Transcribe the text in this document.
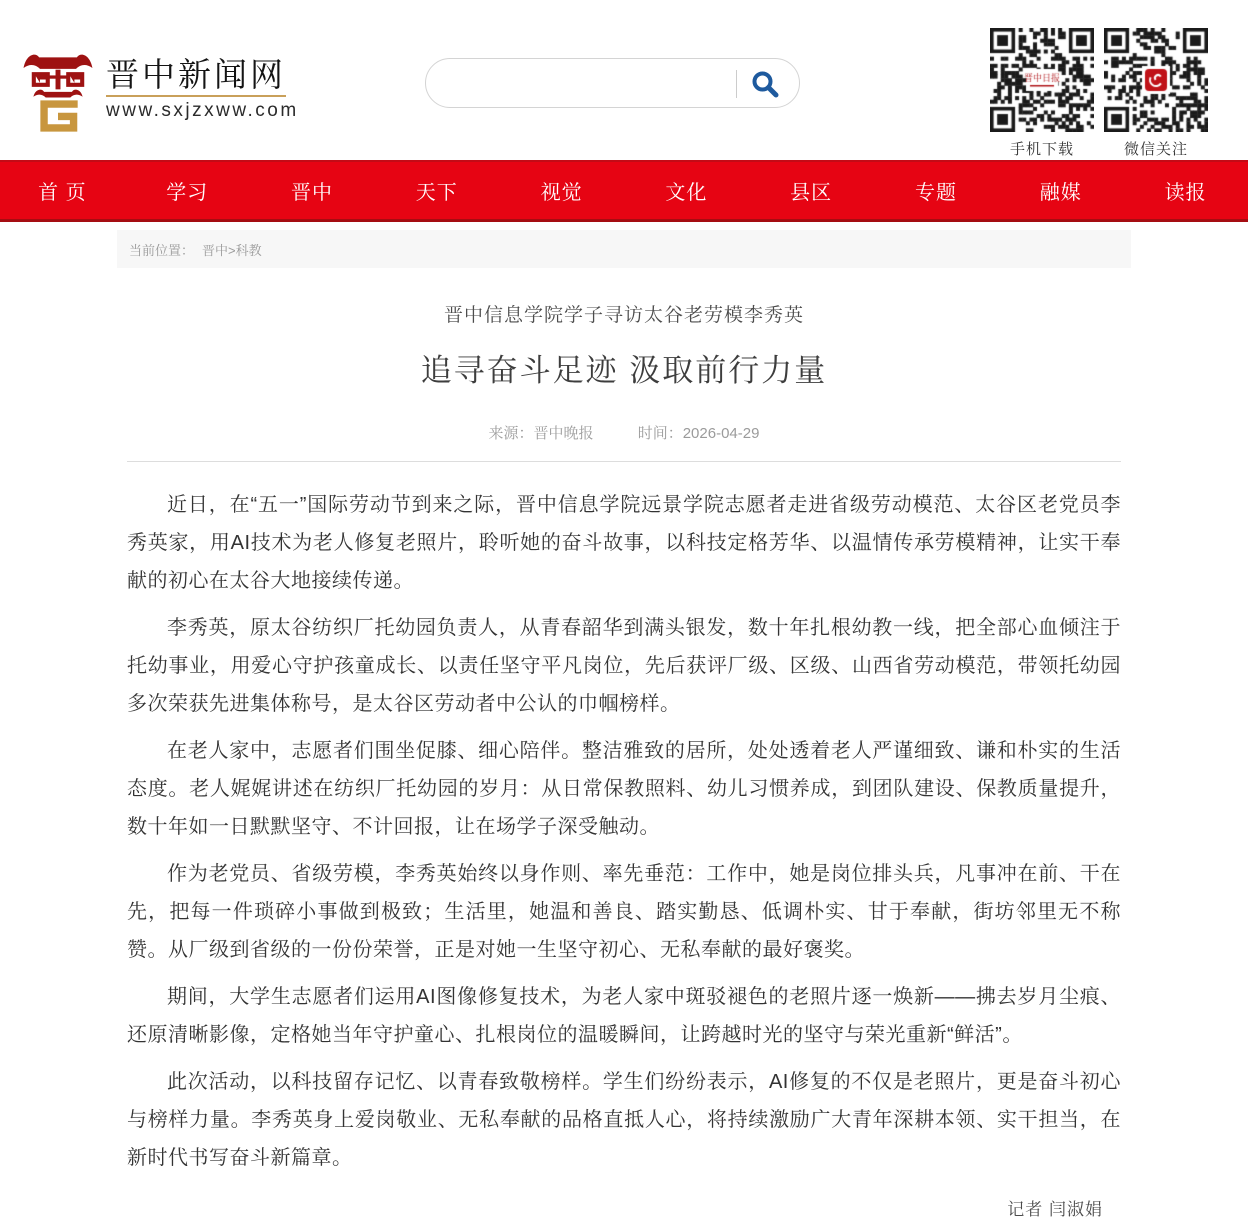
晋中新闻网
www.sxjzxww.com
手机下载	微信关注
首 页	学习	晋中	天下	视觉	文化	县区	专题	融媒	读报
当前位置： 晋中>科教
晋中信息学院学子寻访太谷老劳模李秀英
追寻奋斗足迹 汲取前行力量
来源：晋中晚报	时间：2026-04-29

近日，在“五一”国际劳动节到来之际，晋中信息学院远景学院志愿者走进省级劳动模范、太谷区老党员李秀英家，用AI技术为老人修复老照片，聆听她的奋斗故事，以科技定格芳华、以温情传承劳模精神，让实干奉献的初心在太谷大地接续传递。

李秀英，原太谷纺织厂托幼园负责人，从青春韶华到满头银发，数十年扎根幼教一线，把全部心血倾注于托幼事业，用爱心守护孩童成长、以责任坚守平凡岗位，先后获评厂级、区级、山西省劳动模范，带领托幼园多次荣获先进集体称号，是太谷区劳动者中公认的巾帼榜样。

在老人家中，志愿者们围坐促膝、细心陪伴。整洁雅致的居所，处处透着老人严谨细致、谦和朴实的生活态度。老人娓娓讲述在纺织厂托幼园的岁月：从日常保教照料、幼儿习惯养成，到团队建设、保教质量提升，数十年如一日默默坚守、不计回报，让在场学子深受触动。

作为老党员、省级劳模，李秀英始终以身作则、率先垂范：工作中，她是岗位排头兵，凡事冲在前、干在先，把每一件琐碎小事做到极致；生活里，她温和善良、踏实勤恳、低调朴实、甘于奉献，街坊邻里无不称赞。从厂级到省级的一份份荣誉，正是对她一生坚守初心、无私奉献的最好褒奖。

期间，大学生志愿者们运用AI图像修复技术，为老人家中斑驳褪色的老照片逐一焕新——拂去岁月尘痕、还原清晰影像，定格她当年守护童心、扎根岗位的温暖瞬间，让跨越时光的坚守与荣光重新“鲜活”。

此次活动，以科技留存记忆、以青春致敬榜样。学生们纷纷表示，AI修复的不仅是老照片，更是奋斗初心与榜样力量。李秀英身上爱岗敬业、无私奉献的品格直抵人心，将持续激励广大青年深耕本领、实干担当，在新时代书写奋斗新篇章。

记者 闫淑娟
